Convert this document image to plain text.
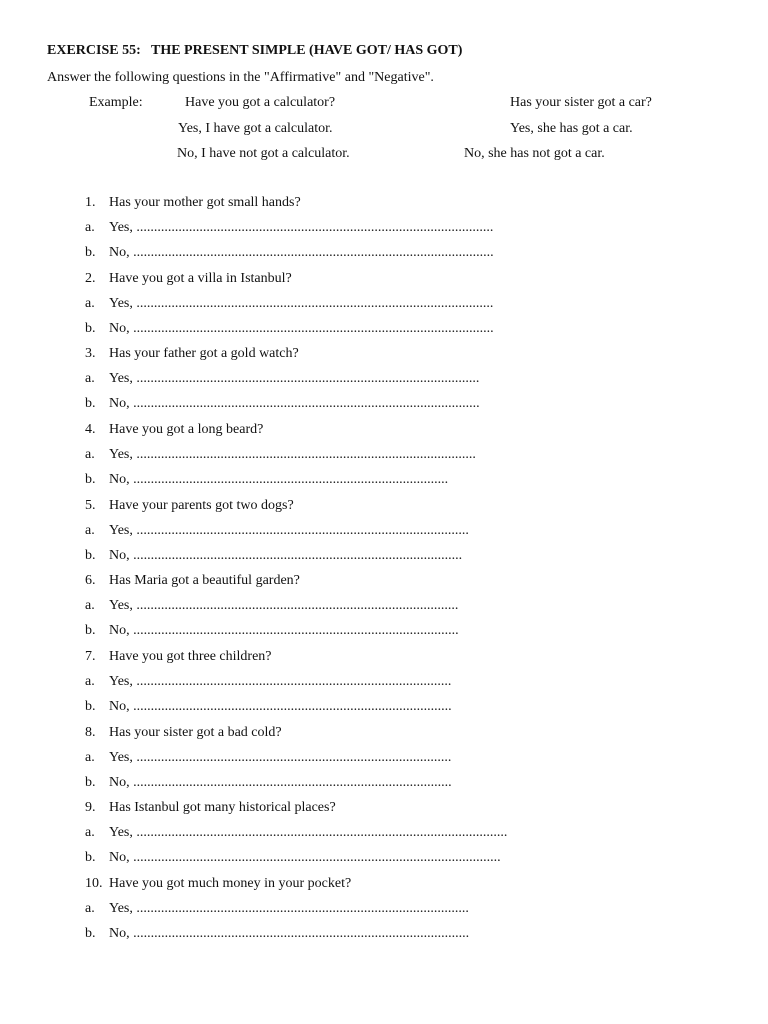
EXERCISE 55:   THE PRESENT SIMPLE (HAVE GOT/ HAS GOT)
Answer the following questions in the "Affirmative" and "Negative".
Example:	Have you got a calculator?
Yes, I have got a calculator.
No, I have not got a calculator.
Has your sister got a car?
Yes, she has got a car.
No, she has not got a car.
1. Has your mother got small hands?
a. Yes, ......................................................................................................
b. No, .......................................................................................................
2. Have you got a villa in Istanbul?
a. Yes, ......................................................................................................
b. No, .......................................................................................................
3. Has your father got a gold watch?
a. Yes, ..................................................................................................
b. No, ...................................................................................................
4. Have you got a long beard?
a. Yes, .................................................................................................
b. No, ..........................................................................................
5. Have your parents got two dogs?
a. Yes, ...............................................................................................
b. No, ..............................................................................................
6. Has Maria got a beautiful garden?
a. Yes, ............................................................................................
b. No, .............................................................................................
7. Have you got three children?
a. Yes, ..........................................................................................
b. No, ...........................................................................................
8. Has your sister got a bad cold?
a. Yes, ..........................................................................................
b. No, ...........................................................................................
9. Has Istanbul got many historical places?
a. Yes, ..........................................................................................................
b. No, .........................................................................................................
10. Have you got much money in your pocket?
a. Yes, ...............................................................................................
b. No, ................................................................................................
